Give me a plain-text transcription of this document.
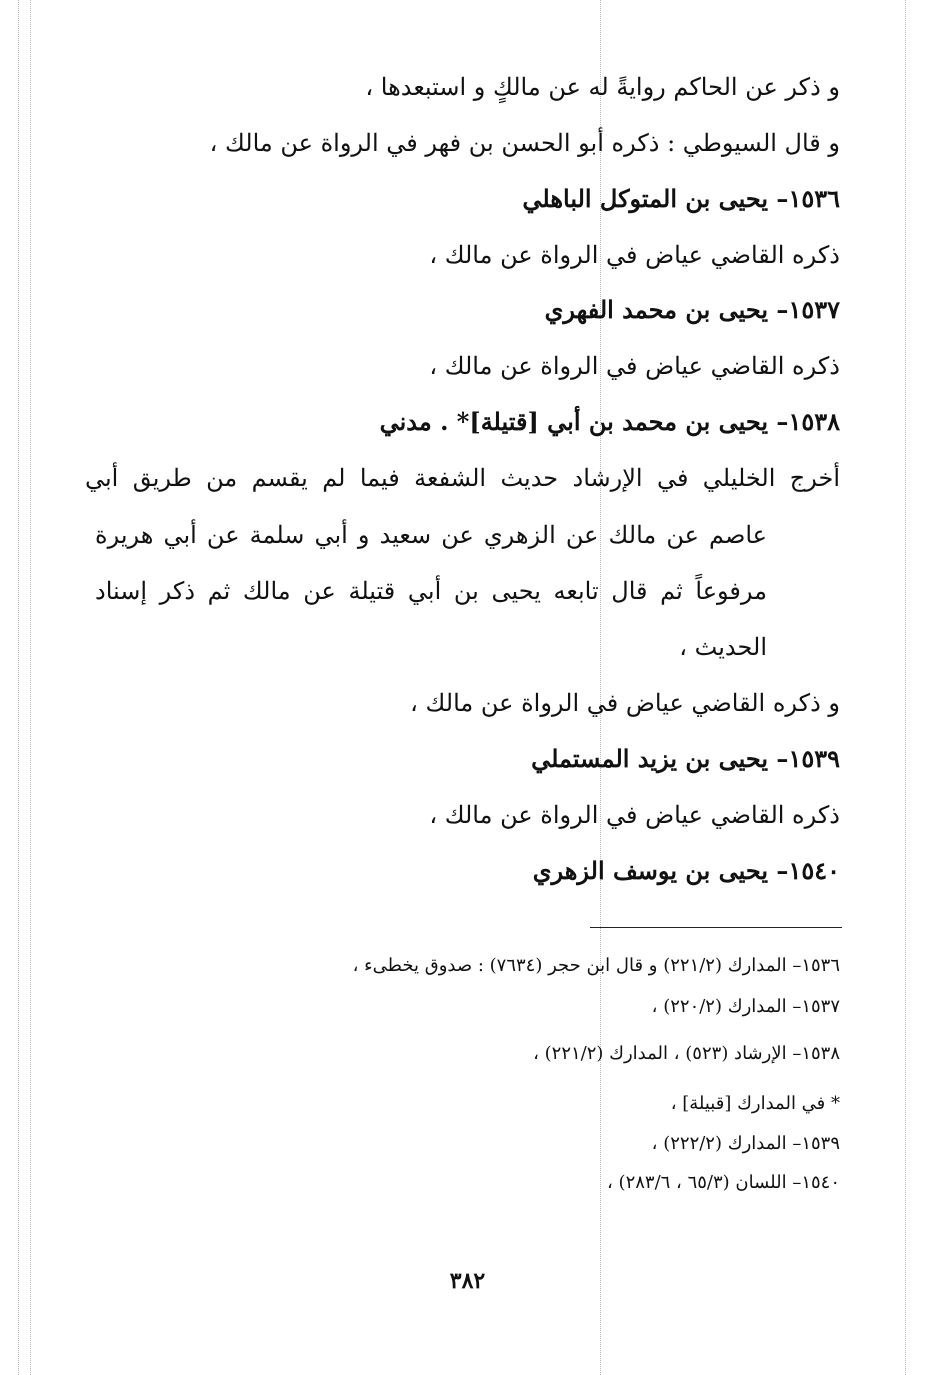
و ذكر عن الحاكم روايةً له عن مالكٍ و استبعدها ،
و قال السيوطي : ذكره أبو الحسن بن فهر في الرواة عن مالك ،
١٥٣٦– يحيى بن المتوكل الباهلي
ذكره القاضي عياض في الرواة عن مالك ،
١٥٣٧– يحيى بن محمد الفهري
ذكره القاضي عياض في الرواة عن مالك ،
١٥٣٨– يحيى بن محمد بن أبي [قتيلة]* . مدني
أخرج الخليلي في الإرشاد حديث الشفعة فيما لم يقسم من طريق أبي
عاصم عن مالك عن الزهري عن سعيد و أبي سلمة عن أبي هريرة
مرفوعاً ثم قال تابعه يحيى بن أبي قتيلة عن مالك ثم ذكر إسناد
الحديث ،
و ذكره القاضي عياض في الرواة عن مالك ،
١٥٣٩– يحيى بن يزيد المستملي
ذكره القاضي عياض في الرواة عن مالك ،
١٥٤٠– يحيى بن يوسف الزهري
١٥٣٦– المدارك (٢٢١/٢) و قال ابن حجر (٧٦٣٤) : صدوق يخطىء ،
١٥٣٧– المدارك (٢٢٠/٢) ،
١٥٣٨– الإرشاد (٥٢٣) ، المدارك (٢٢١/٢) ،
* في المدارك [قبيلة] ،
١٥٣٩– المدارك (٢٢٢/٢) ،
١٥٤٠– اللسان (٦٥/٣ ، ٢٨٣/٦) ،
٣٨٢
